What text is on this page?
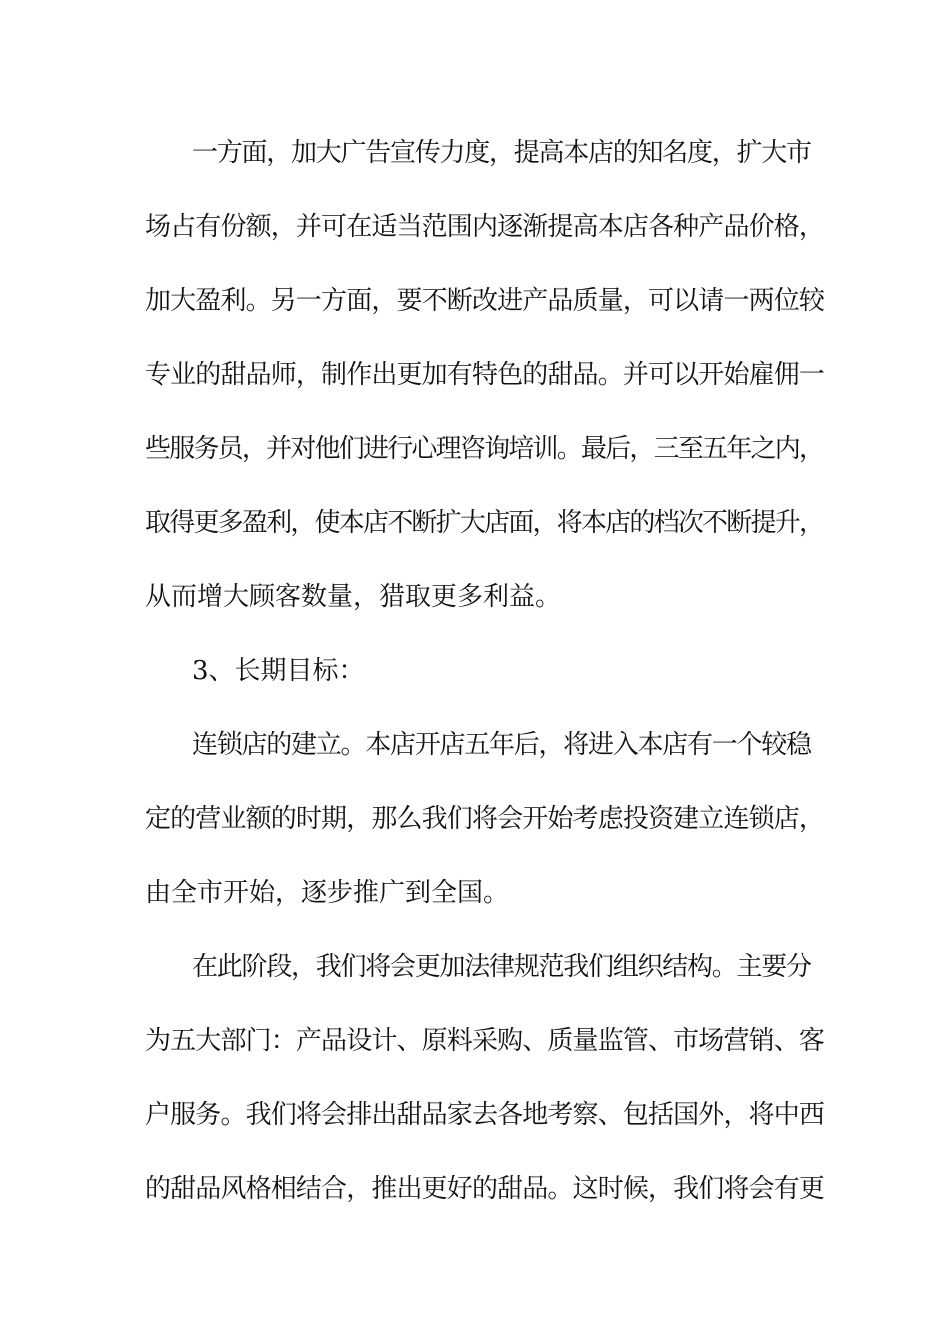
一方面，加大广告宣传力度，提高本店的知名度，扩大市
场占有份额，并可在适当范围内逐渐提高本店各种产品价格，
加大盈利。另一方面，要不断改进产品质量，可以请一两位较
专业的甜品师，制作出更加有特色的甜品。并可以开始雇佣一
些服务员，并对他们进行心理咨询培训。最后，三至五年之内，
取得更多盈利，使本店不断扩大店面，将本店的档次不断提升，
从而增大顾客数量，猎取更多利益。
3、长期目标：
连锁店的建立。本店开店五年后，将进入本店有一个较稳
定的营业额的时期，那么我们将会开始考虑投资建立连锁店，
由全市开始，逐步推广到全国。
在此阶段，我们将会更加法律规范我们组织结构。主要分
为五大部门：产品设计、原料采购、质量监管、市场营销、客
户服务。我们将会排出甜品家去各地考察、包括国外，将中西
的甜品风格相结合，推出更好的甜品。这时候，我们将会有更
